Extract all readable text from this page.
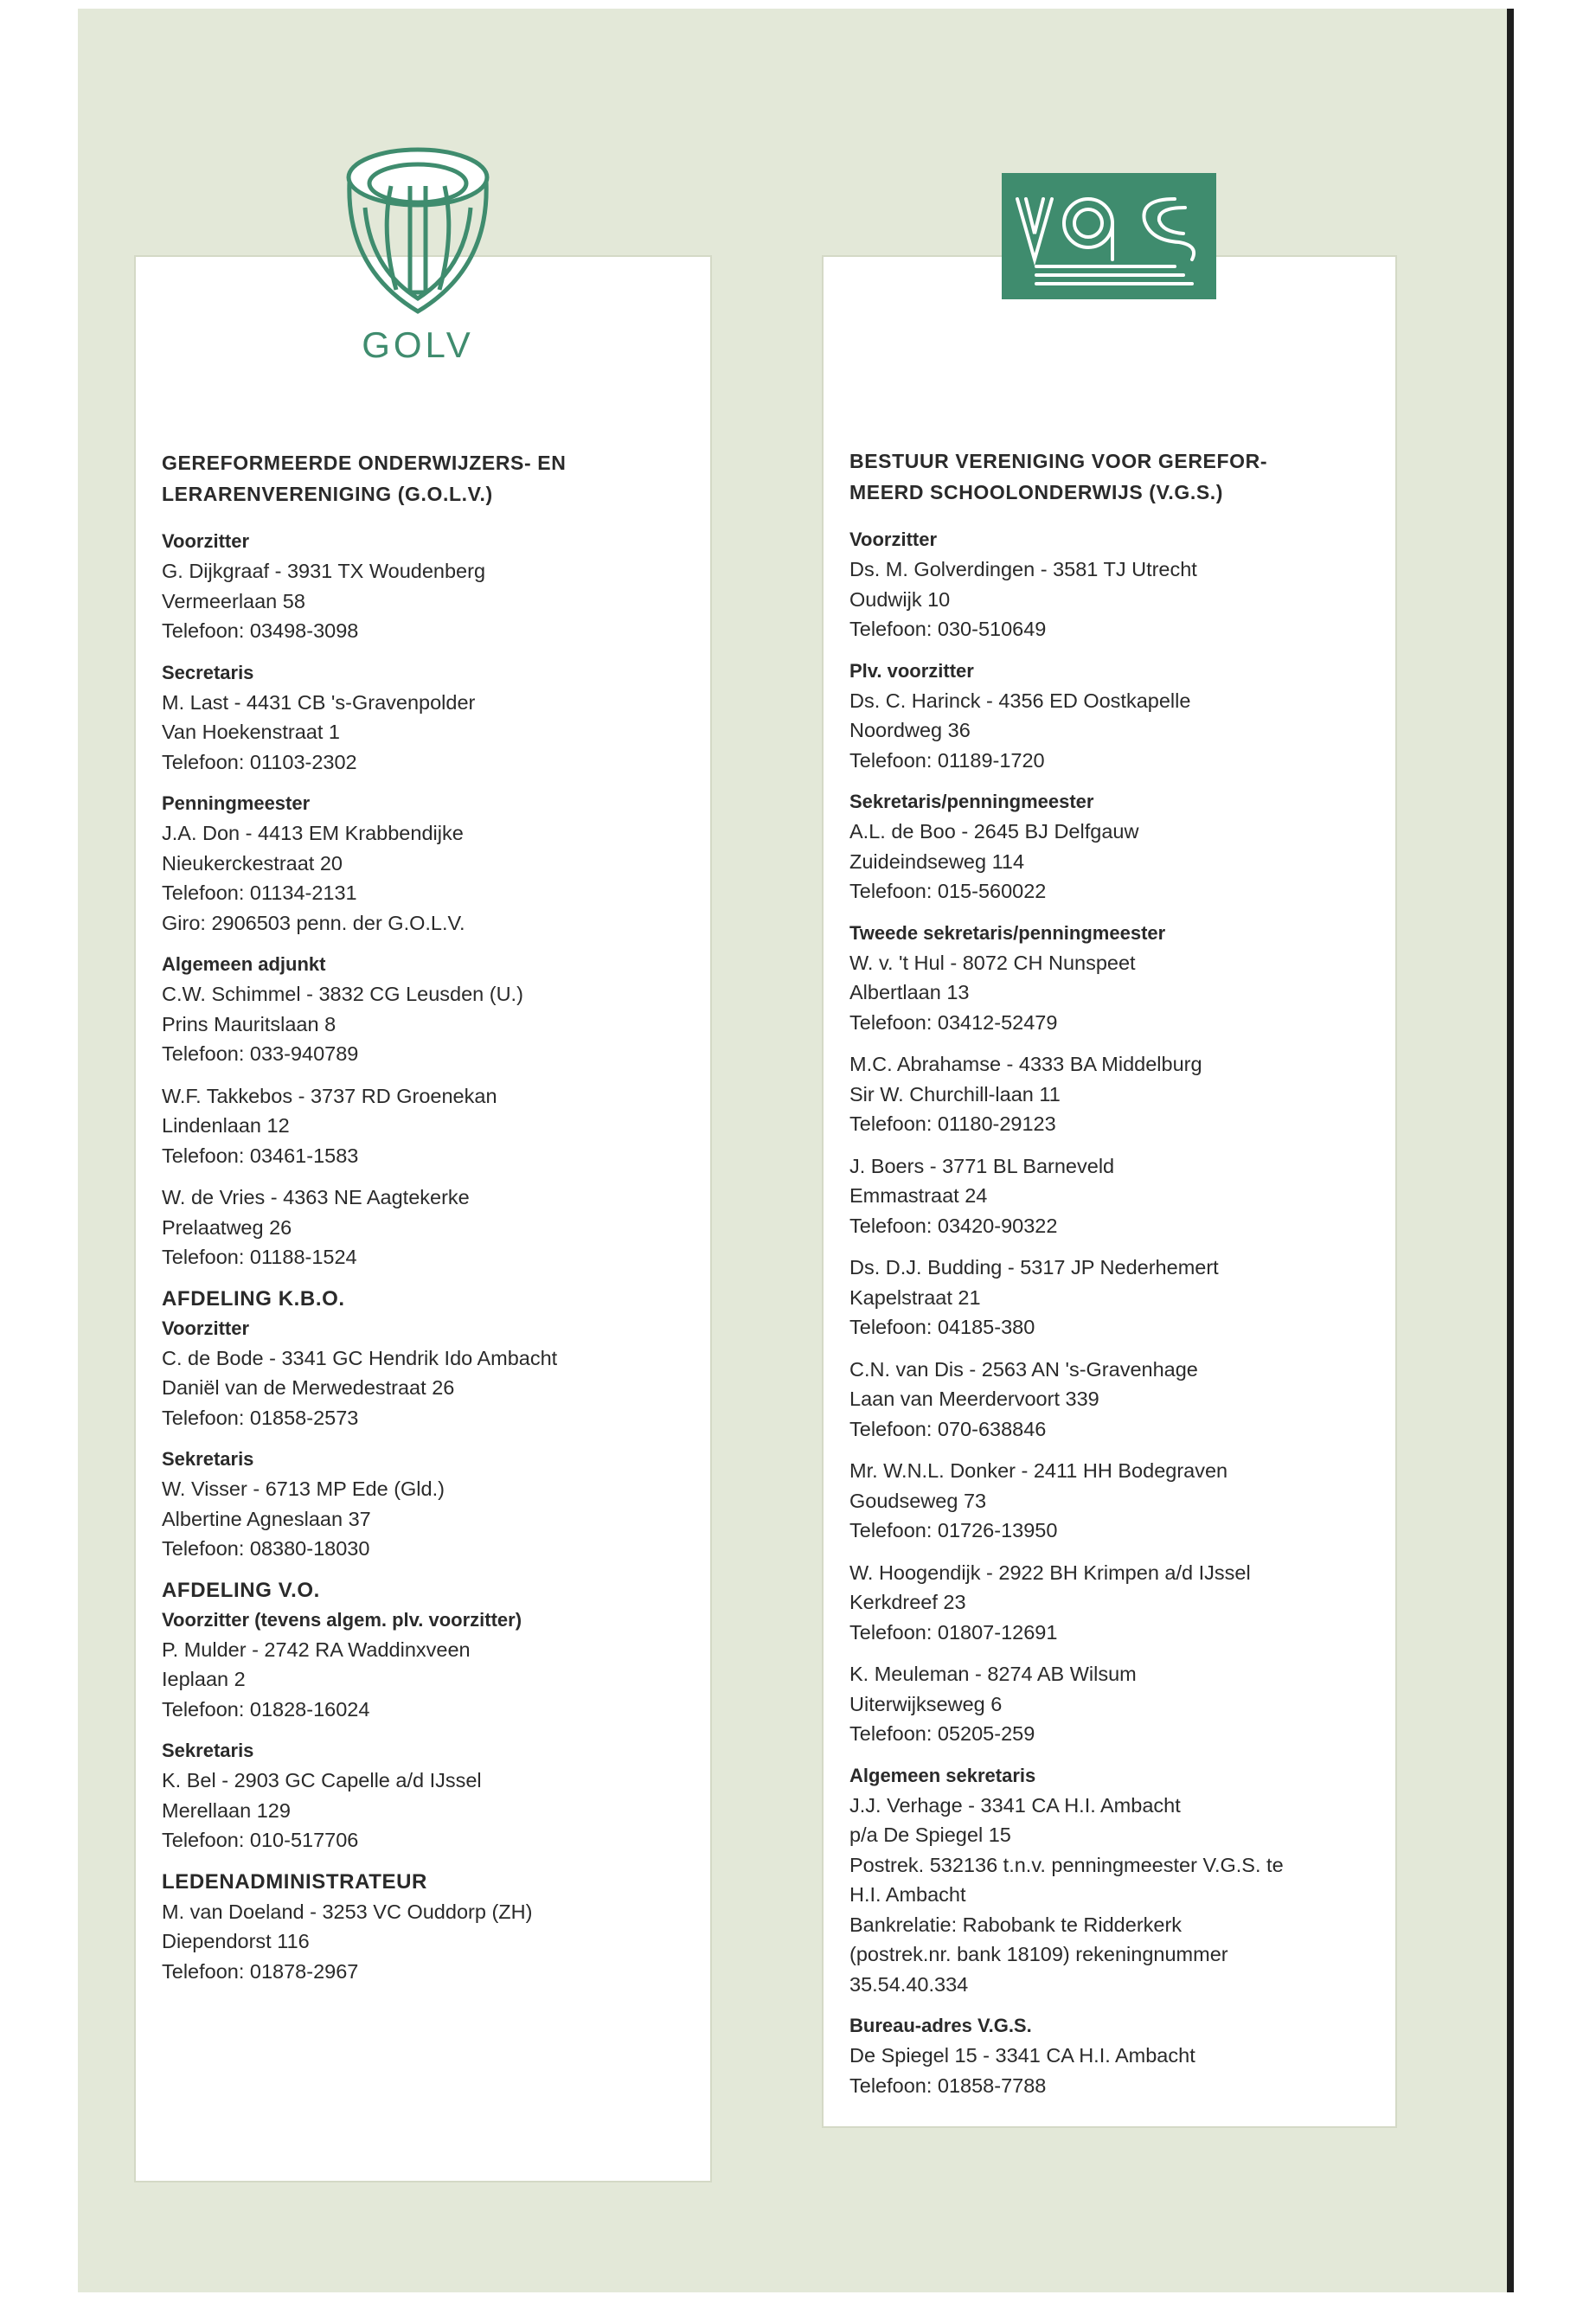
GEREFORMEERDE ONDERWIJZERS- EN
LERARENVERENIGING (G.O.L.V.)
Voorzitter
G. Dijkgraaf - 3931 TX Woudenberg
Vermeerlaan 58
Telefoon: 03498-3098
Secretaris
M. Last - 4431 CB 's-Gravenpolder
Van Hoekenstraat 1
Telefoon: 01103-2302
Penningmeester
J.A. Don - 4413 EM Krabbendijke
Nieukerckestraat 20
Telefoon: 01134-2131
Giro: 2906503 penn. der G.O.L.V.
Algemeen adjunkt
C.W. Schimmel - 3832 CG Leusden (U.)
Prins Mauritslaan 8
Telefoon: 033-940789
W.F. Takkebos - 3737 RD Groenekan
Lindenlaan 12
Telefoon: 03461-1583
W. de Vries - 4363 NE Aagtekerke
Prelaatweg 26
Telefoon: 01188-1524
AFDELING K.B.O.
Voorzitter
C. de Bode - 3341 GC Hendrik Ido Ambacht
Daniël van de Merwedestraat 26
Telefoon: 01858-2573
Sekretaris
W. Visser - 6713 MP Ede (Gld.)
Albertine Agneslaan 37
Telefoon: 08380-18030
AFDELING V.O.
Voorzitter (tevens algem. plv. voorzitter)
P. Mulder - 2742 RA Waddinxveen
Ieplaan 2
Telefoon: 01828-16024
Sekretaris
K. Bel - 2903 GC Capelle a/d IJssel
Merellaan 129
Telefoon: 010-517706
LEDENADMINISTRATEUR
M. van Doeland - 3253 VC Ouddorp (ZH)
Diependorst 116
Telefoon: 01878-2967
BESTUUR VERENIGING VOOR GEREFOR-
MEERD SCHOOLONDERWIJS (V.G.S.)
Voorzitter
Ds. M. Golverdingen - 3581 TJ Utrecht
Oudwijk 10
Telefoon: 030-510649
Plv. voorzitter
Ds. C. Harinck - 4356 ED Oostkapelle
Noordweg 36
Telefoon: 01189-1720
Sekretaris/penningmeester
A.L. de Boo - 2645 BJ Delfgauw
Zuideindseweg 114
Telefoon: 015-560022
Tweede sekretaris/penningmeester
W. v. 't Hul - 8072 CH Nunspeet
Albertlaan 13
Telefoon: 03412-52479
M.C. Abrahamse - 4333 BA Middelburg
Sir W. Churchill-laan 11
Telefoon: 01180-29123
J. Boers - 3771 BL Barneveld
Emmastraat 24
Telefoon: 03420-90322
Ds. D.J. Budding - 5317 JP Nederhemert
Kapelstraat 21
Telefoon: 04185-380
C.N. van Dis - 2563 AN 's-Gravenhage
Laan van Meerdervoort 339
Telefoon: 070-638846
Mr. W.N.L. Donker - 2411 HH Bodegraven
Goudseweg 73
Telefoon: 01726-13950
W. Hoogendijk - 2922 BH Krimpen a/d IJssel
Kerkdreef 23
Telefoon: 01807-12691
K. Meuleman - 8274 AB Wilsum
Uiterwijkseweg 6
Telefoon: 05205-259
Algemeen sekretaris
J.J. Verhage - 3341 CA H.I. Ambacht
p/a De Spiegel 15
Postrek. 532136 t.n.v. penningmeester V.G.S. te
H.I. Ambacht
Bankrelatie: Rabobank te Ridderkerk
(postrek.nr. bank 18109) rekeningnummer
35.54.40.334
Bureau-adres V.G.S.
De Spiegel 15 - 3341 CA H.I. Ambacht
Telefoon: 01858-7788
GOLV
vgs
